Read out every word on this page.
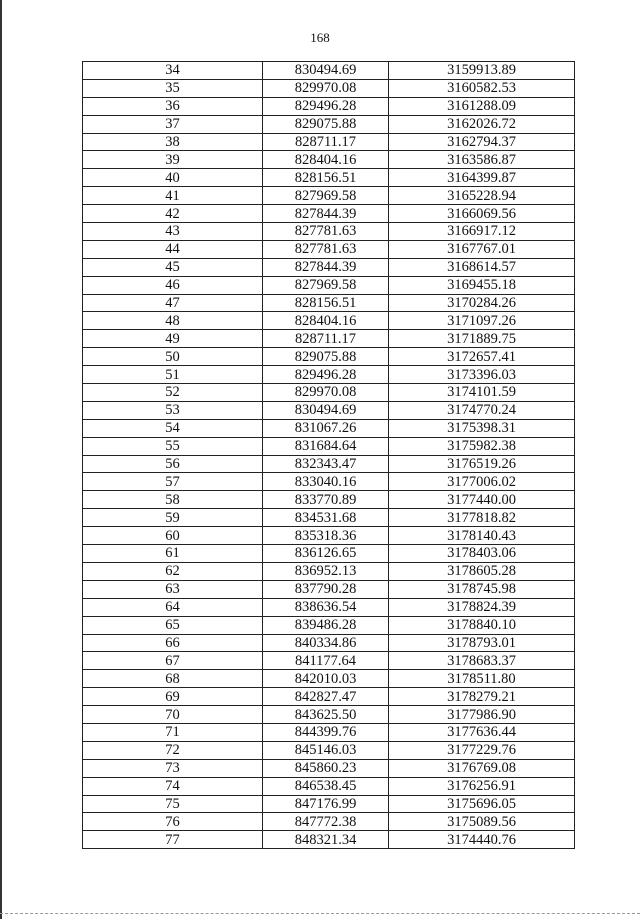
168
34	830494.69	3159913.89
35	829970.08	3160582.53
36	829496.28	3161288.09
37	829075.88	3162026.72
38	828711.17	3162794.37
39	828404.16	3163586.87
40	828156.51	3164399.87
41	827969.58	3165228.94
42	827844.39	3166069.56
43	827781.63	3166917.12
44	827781.63	3167767.01
45	827844.39	3168614.57
46	827969.58	3169455.18
47	828156.51	3170284.26
48	828404.16	3171097.26
49	828711.17	3171889.75
50	829075.88	3172657.41
51	829496.28	3173396.03
52	829970.08	3174101.59
53	830494.69	3174770.24
54	831067.26	3175398.31
55	831684.64	3175982.38
56	832343.47	3176519.26
57	833040.16	3177006.02
58	833770.89	3177440.00
59	834531.68	3177818.82
60	835318.36	3178140.43
61	836126.65	3178403.06
62	836952.13	3178605.28
63	837790.28	3178745.98
64	838636.54	3178824.39
65	839486.28	3178840.10
66	840334.86	3178793.01
67	841177.64	3178683.37
68	842010.03	3178511.80
69	842827.47	3178279.21
70	843625.50	3177986.90
71	844399.76	3177636.44
72	845146.03	3177229.76
73	845860.23	3176769.08
74	846538.45	3176256.91
75	847176.99	3175696.05
76	847772.38	3175089.56
77	848321.34	3174440.76
